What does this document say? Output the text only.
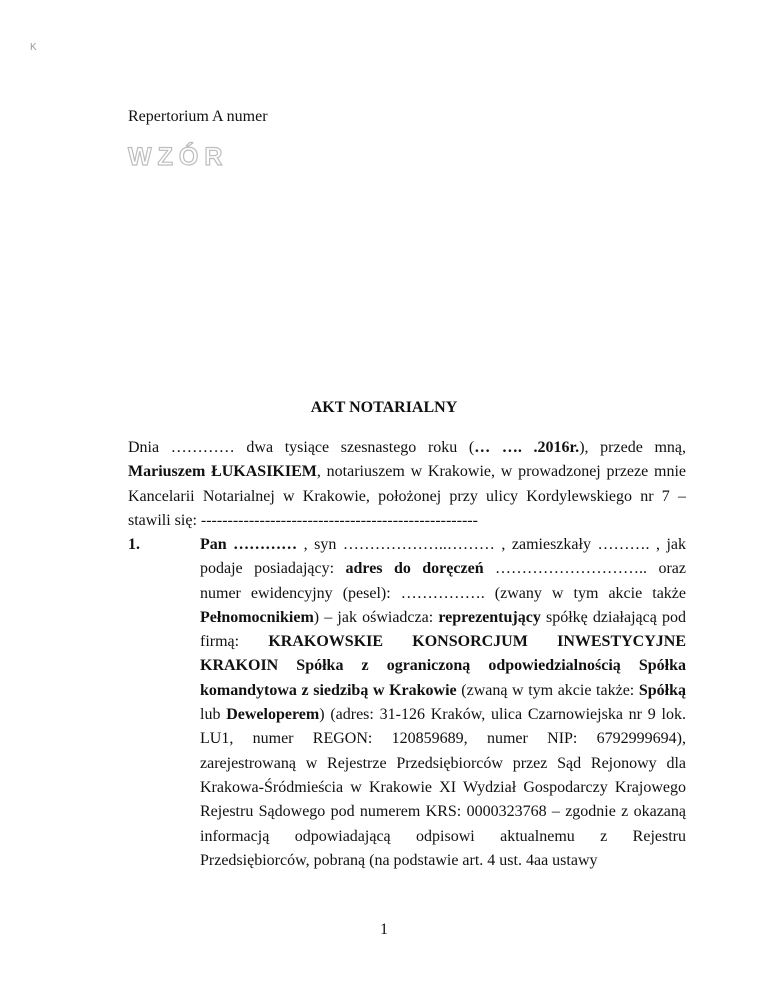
K
Repertorium A numer
WZÓR
AKT NOTARIALNY

Dnia ………… dwa tysiące szesnastego roku (… …. .2016r.), przede mną, Mariuszem ŁUKASIKIEM, notariuszem w Krakowie, w prowadzonej przeze mnie Kancelarii Notarialnej w Krakowie, położonej przy ulicy Kordylewskiego nr 7 – stawili się: ----------------------------------------------------

1.	Pan ………… , syn ………………..……… , zamieszkały ………. , jak podaje posiadający: adres do doręczeń ……………………….. oraz numer ewidencyjny (pesel): ……………. (zwany w tym akcie także Pełnomocnikiem) – jak oświadcza: reprezentujący spółkę działającą pod firmą: KRAKOWSKIE KONSORCJUM INWESTYCYJNE KRAKOIN Spółka z ograniczoną odpowiedzialnością Spółka komandytowa z siedzibą w Krakowie (zwaną w tym akcie także: Spółką lub Deweloperem) (adres: 31-126 Kraków, ulica Czarnowiejska nr 9 lok. LU1, numer REGON: 120859689, numer NIP: 6792999694), zarejestrowaną w Rejestrze Przedsiębiorców przez Sąd Rejonowy dla Krakowa-Śródmieścia w Krakowie XI Wydział Gospodarczy Krajowego Rejestru Sądowego pod numerem KRS: 0000323768 – zgodnie z okazaną informacją odpowiadającą odpisowi aktualnemu z Rejestru Przedsiębiorców, pobraną (na podstawie art. 4 ust. 4aa ustawy
1
